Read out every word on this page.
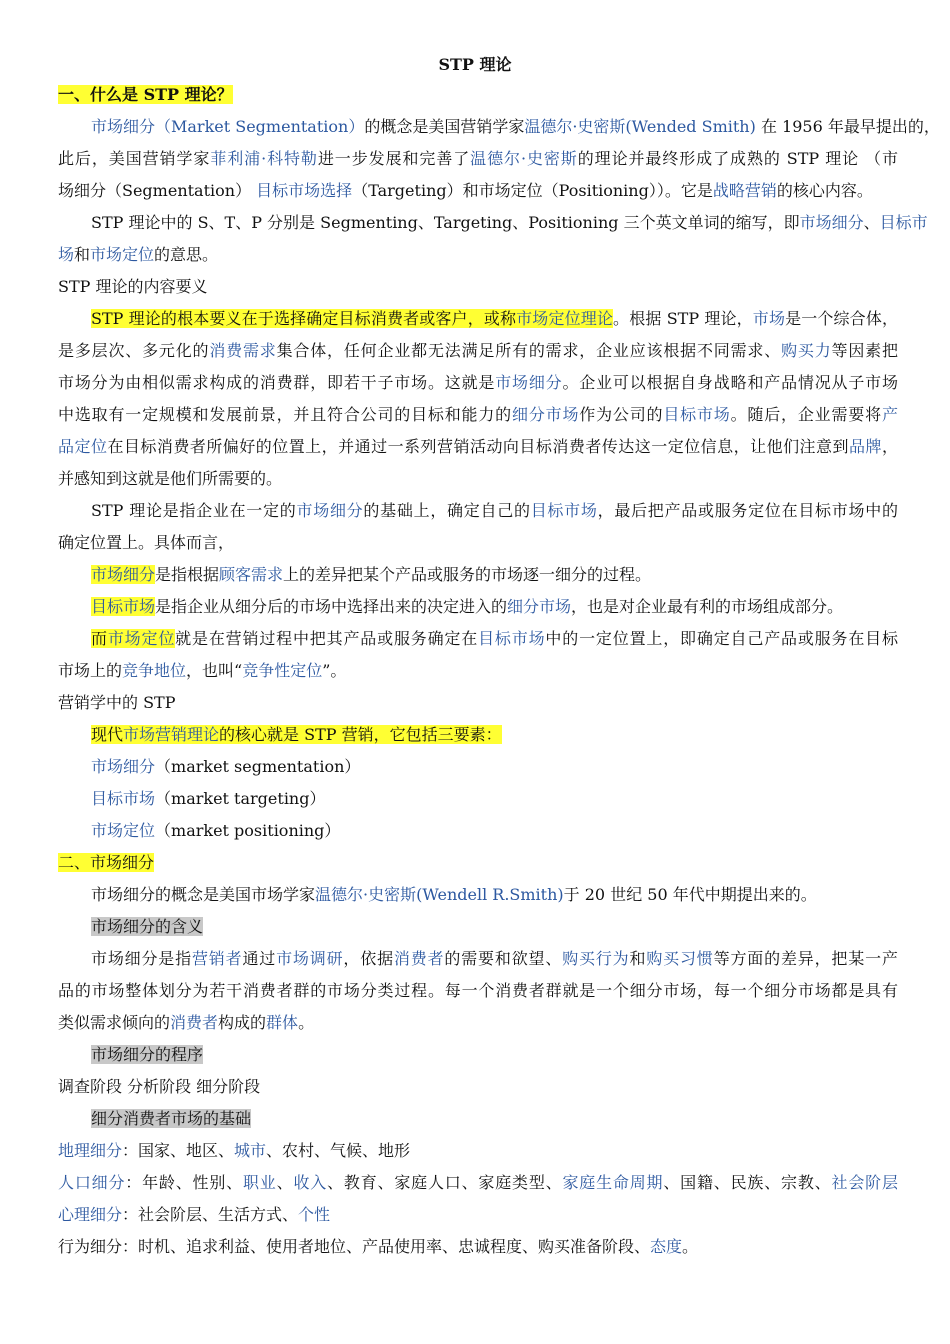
STP 理论
一、什么是 STP 理论？
市场细分（Market Segmentation）的概念是美国营销学家温德尔·史密斯(Wended Smith) 在 1956 年最早提出的，
此后，美国营销学家菲利浦·科特勒进一步发展和完善了温德尔·史密斯的理论并最终形成了成熟的 STP 理论 （市
场细分（Segmentation） 目标市场选择（Targeting）和市场定位（Positioning））。它是战略营销的核心内容。
STP 理论中的 S、T、P 分别是 Segmenting、Targeting、Positioning 三个英文单词的缩写，即市场细分、目标市
场和市场定位的意思。
STP 理论的内容要义
STP 理论的根本要义在于选择确定目标消费者或客户，或称市场定位理论。根据 STP 理论，市场是一个综合体，
是多层次、多元化的消费需求集合体，任何企业都无法满足所有的需求，企业应该根据不同需求、购买力等因素把
市场分为由相似需求构成的消费群，即若干子市场。这就是市场细分。企业可以根据自身战略和产品情况从子市场
中选取有一定规模和发展前景，并且符合公司的目标和能力的细分市场作为公司的目标市场。随后，企业需要将产
品定位在目标消费者所偏好的位置上，并通过一系列营销活动向目标消费者传达这一定位信息，让他们注意到品牌，
并感知到这就是他们所需要的。
STP 理论是指企业在一定的市场细分的基础上，确定自己的目标市场，最后把产品或服务定位在目标市场中的
确定位置上。具体而言，
市场细分是指根据顾客需求上的差异把某个产品或服务的市场逐一细分的过程。
目标市场是指企业从细分后的市场中选择出来的决定进入的细分市场，也是对企业最有利的市场组成部分。
而市场定位就是在营销过程中把其产品或服务确定在目标市场中的一定位置上，即确定自己产品或服务在目标
市场上的竞争地位，也叫“竞争性定位”。
营销学中的 STP
现代市场营销理论的核心就是 STP 营销，它包括三要素：
市场细分（market segmentation）
目标市场（market targeting）
市场定位（market positioning）
二、市场细分
市场细分的概念是美国市场学家温德尔·史密斯(Wendell R.Smith)于 20 世纪 50 年代中期提出来的。
市场细分的含义
市场细分是指营销者通过市场调研，依据消费者的需要和欲望、购买行为和购买习惯等方面的差异，把某一产
品的市场整体划分为若干消费者群的市场分类过程。每一个消费者群就是一个细分市场，每一个细分市场都是具有
类似需求倾向的消费者构成的群体。
市场细分的程序
调查阶段 分析阶段 细分阶段
细分消费者市场的基础
地理细分：国家、地区、城市、农村、气候、地形
人口细分：年龄、性别、职业、收入、教育、家庭人口、家庭类型、家庭生命周期、国籍、民族、宗教、社会阶层
心理细分：社会阶层、生活方式、个性
行为细分：时机、追求利益、使用者地位、产品使用率、忠诚程度、购买准备阶段、态度。
